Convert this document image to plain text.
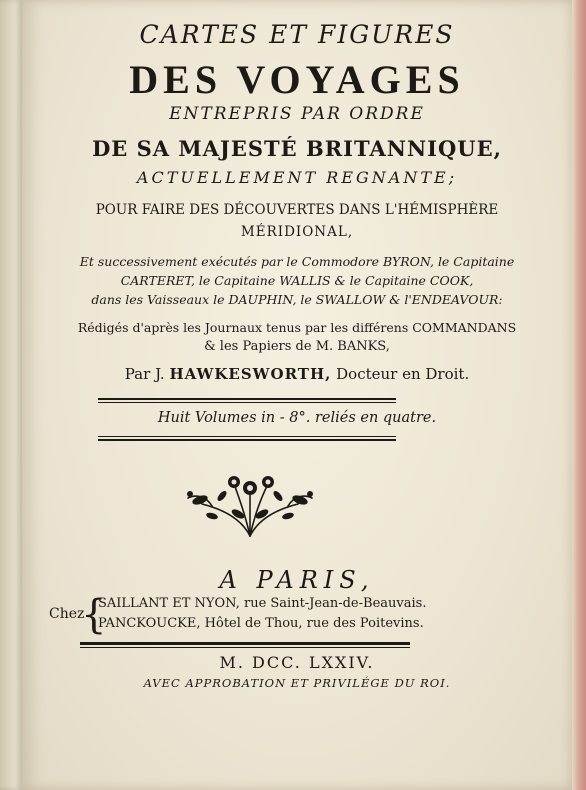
CARTES ET FIGURES
DES VOYAGES
ENTREPRIS PAR ORDRE
DE SA MAJESTÉ BRITANNIQUE,
ACTUELLEMENT REGNANTE;
POUR FAIRE DES DÉCOUVERTES DANS L'HÉMISPHÈRE
MÉRIDIONAL,
Et successivement exécutés par le Commodore BYRON, le Capitaine
CARTERET, le Capitaine WALLIS & le Capitaine COOK,
dans les Vaisseaux le DAUPHIN, le SWALLOW & l'ENDEAVOUR:
Rédigés d'après les Journaux tenus par les différens COMMANDANS
& les Papiers de M. BANKS,
Par J. HAWKESWORTH, Docteur en Droit.
Huit Volumes in - 8°. reliés en quatre.
A PARIS,
Chez
{
SAILLANT ET NYON, rue Saint-Jean-de-Beauvais.
PANCKOUCKE, Hôtel de Thou, rue des Poitevins.
M. DCC. LXXIV.
AVEC APPROBATION ET PRIVILÉGE DU ROI.
